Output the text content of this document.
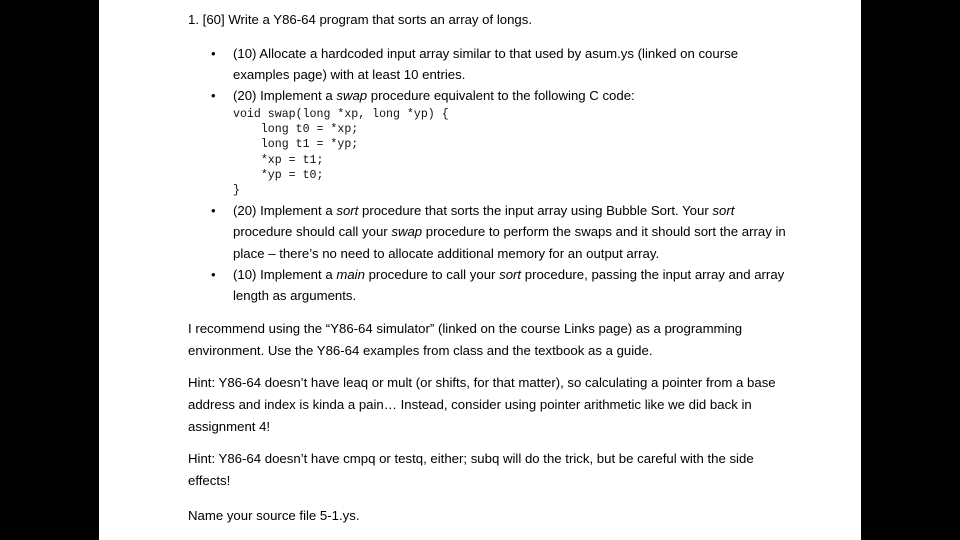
1. [60] Write a Y86-64 program that sorts an array of longs.
• (10) Allocate a hardcoded input array similar to that used by asum.ys (linked on course examples page) with at least 10 entries.
• (20) Implement a swap procedure equivalent to the following C code:
void swap(long *xp, long *yp) {
long t0 = *xp;
long t1 = *yp;
*xp = t1;
*yp = t0;
}
• (20) Implement a sort procedure that sorts the input array using Bubble Sort. Your sort procedure should call your swap procedure to perform the swaps and it should sort the array in place – there’s no need to allocate additional memory for an output array.
• (10) Implement a main procedure to call your sort procedure, passing the input array and array length as arguments.
I recommend using the “Y86-64 simulator” (linked on the course Links page) as a programming environment. Use the Y86-64 examples from class and the textbook as a guide.
Hint: Y86-64 doesn’t have leaq or mult (or shifts, for that matter), so calculating a pointer from a base address and index is kinda a pain… Instead, consider using pointer arithmetic like we did back in assignment 4!
Hint: Y86-64 doesn’t have cmpq or testq, either; subq will do the trick, but be careful with the side effects!
Name your source file 5-1.ys.
